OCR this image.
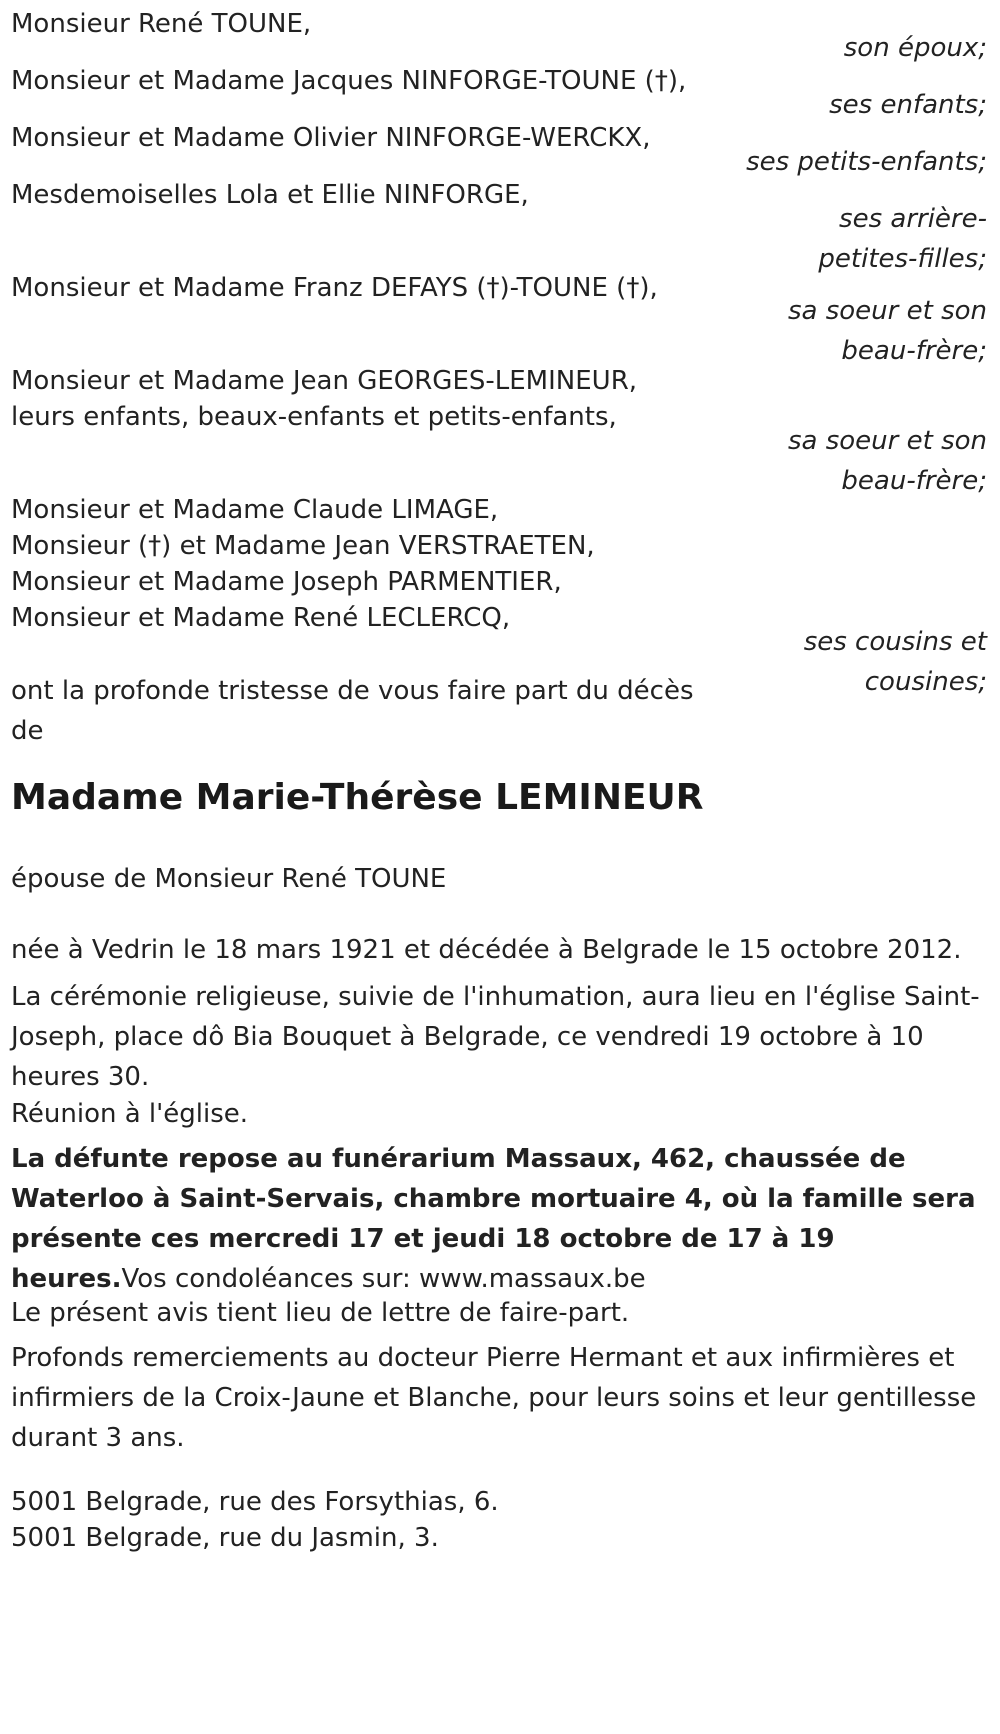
Monsieur René TOUNE,

son époux;

Monsieur et Madame Jacques NINFORGE-TOUNE (†),

ses enfants;

Monsieur et Madame Olivier NINFORGE-WERCKX,

ses petits-enfants;

Mesdemoiselles Lola et Ellie NINFORGE,

ses arrière-petites-filles;

Monsieur et Madame Franz DEFAYS (†)-TOUNE (†),

sa soeur et son beau-frère;

Monsieur et Madame Jean GEORGES-LEMINEUR,

leurs enfants, beaux-enfants et petits-enfants,

sa soeur et son beau-frère;

Monsieur et Madame Claude LIMAGE,

Monsieur (†) et Madame Jean VERSTRAETEN,

Monsieur et Madame Joseph PARMENTIER,

Monsieur et Madame René LECLERCQ,

ses cousins et cousines;

ont la profonde tristesse de vous faire part du décès de

Madame Marie-Thérèse LEMINEUR

épouse de Monsieur René TOUNE

née à Vedrin le 18 mars 1921 et décédée à Belgrade le 15 octobre 2012.

La cérémonie religieuse, suivie de l'inhumation, aura lieu en l'église Saint-Joseph, place dô Bia Bouquet à Belgrade, ce vendredi 19 octobre à 10 heures 30.

Réunion à l'église.

La défunte repose au funérarium Massaux, 462, chaussée de Waterloo à Saint-Servais, chambre mortuaire 4, où la famille sera présente ces mercredi 17 et jeudi 18 octobre de 17 à 19 heures.Vos condoléances sur: www.massaux.be

Le présent avis tient lieu de lettre de faire-part.

Profonds remerciements au docteur Pierre Hermant et aux infirmières et infirmiers de la Croix-Jaune et Blanche, pour leurs soins et leur gentillesse durant 3 ans.

5001 Belgrade, rue des Forsythias, 6.

5001 Belgrade, rue du Jasmin, 3.
